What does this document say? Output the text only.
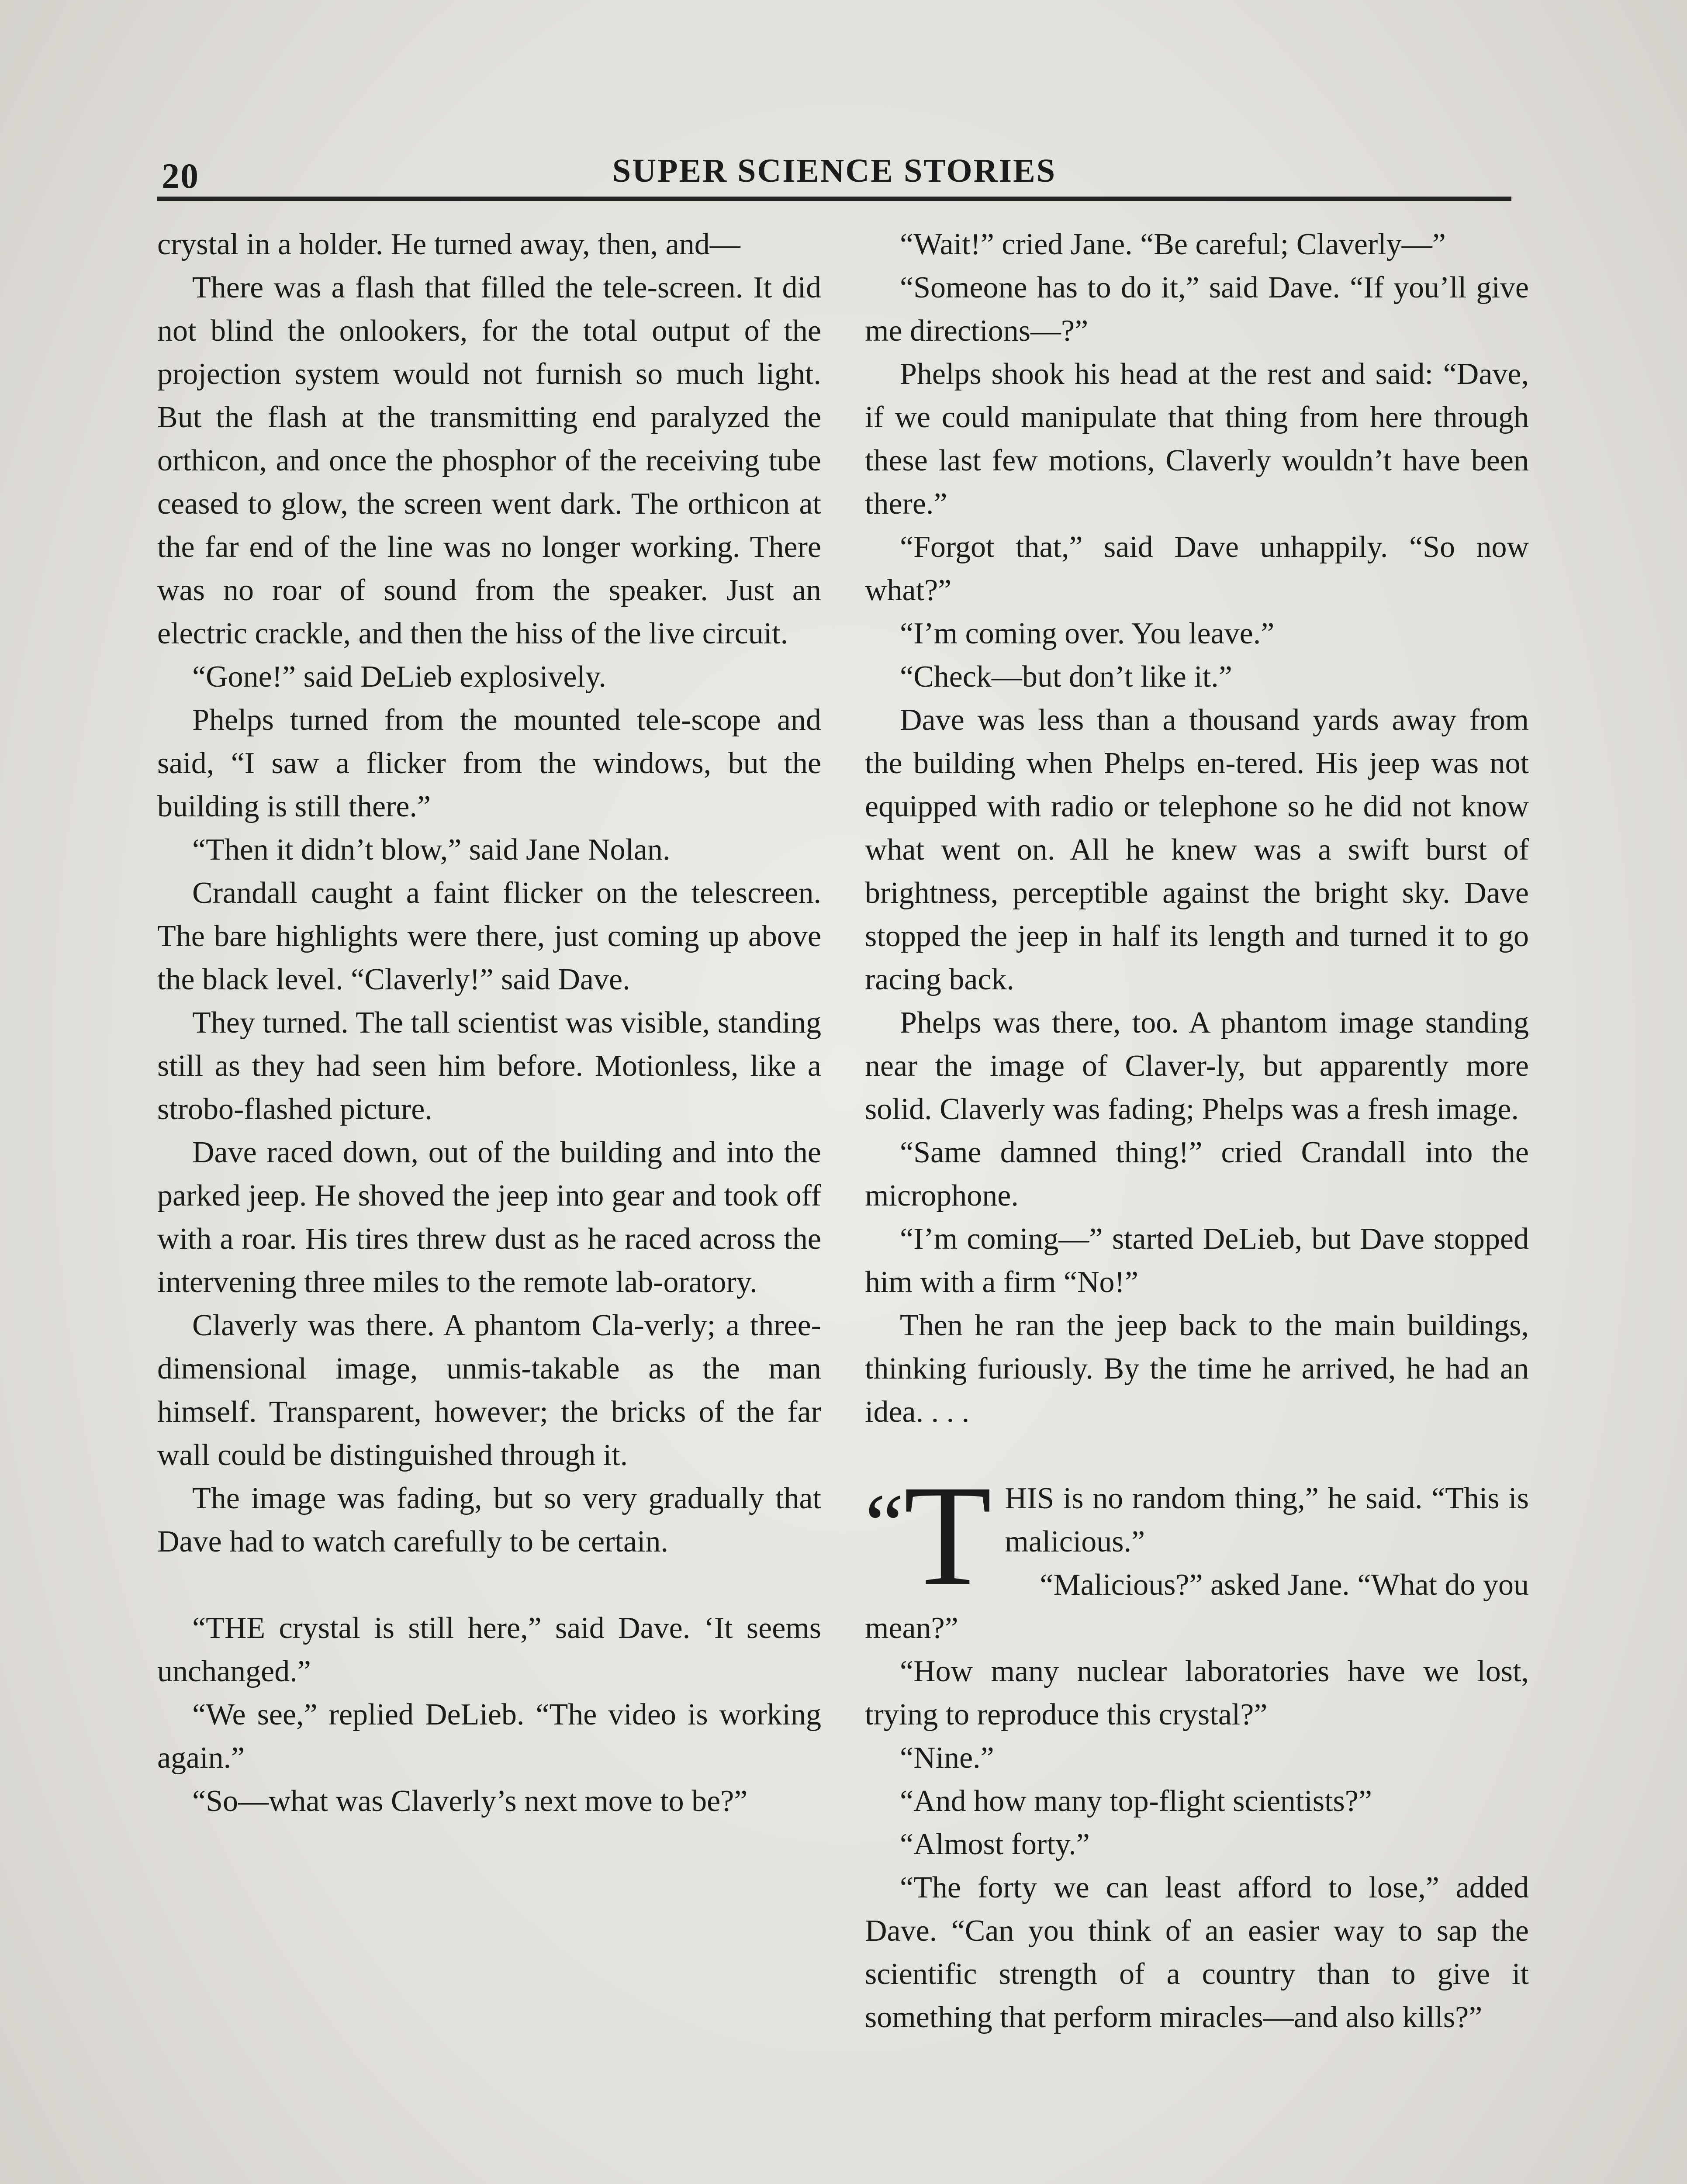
20	SUPER SCIENCE STORIES

crystal in a holder. He turned away, then, and—

There was a flash that filled the tele-screen. It did not blind the onlookers, for the total output of the projection system would not furnish so much light. But the flash at the transmitting end paralyzed the orthicon, and once the phosphor of the receiving tube ceased to glow, the screen went dark. The orthicon at the far end of the line was no longer working. There was no roar of sound from the speaker. Just an electric crackle, and then the hiss of the live circuit.

“Gone!” said DeLieb explosively.

Phelps turned from the mounted tele-scope and said, “I saw a flicker from the windows, but the building is still there.”

“Then it didn’t blow,” said Jane Nolan.

Crandall caught a faint flicker on the telescreen. The bare highlights were there, just coming up above the black level. “Claverly!” said Dave.

They turned. The tall scientist was visible, standing still as they had seen him before. Motionless, like a strobo-flashed picture.

Dave raced down, out of the building and into the parked jeep. He shoved the jeep into gear and took off with a roar. His tires threw dust as he raced across the intervening three miles to the remote lab-oratory.

Claverly was there. A phantom Cla-verly; a three-dimensional image, unmis-takable as the man himself. Transparent, however; the bricks of the far wall could be distinguished through it.

The image was fading, but so very gradually that Dave had to watch carefully to be certain.

“THE crystal is still here,” said Dave. ‘It seems unchanged.”

“We see,” replied DeLieb. “The video is working again.”

“So—what was Claverly’s next move to be?”

“Wait!” cried Jane. “Be careful; Claverly—”

“Someone has to do it,” said Dave. “If you’ll give me directions—?”

Phelps shook his head at the rest and said: “Dave, if we could manipulate that thing from here through these last few motions, Claverly wouldn’t have been there.”

“Forgot that,” said Dave unhappily. “So now what?”

“I’m coming over. You leave.”

“Check—but don’t like it.”

Dave was less than a thousand yards away from the building when Phelps en-tered. His jeep was not equipped with radio or telephone so he did not know what went on. All he knew was a swift burst of brightness, perceptible against the bright sky. Dave stopped the jeep in half its length and turned it to go racing back.

Phelps was there, too. A phantom image standing near the image of Claver-ly, but apparently more solid. Claverly was fading; Phelps was a fresh image.

“Same damned thing!” cried Crandall into the microphone.

“I’m coming—” started DeLieb, but Dave stopped him with a firm “No!”

Then he ran the jeep back to the main buildings, thinking furiously. By the time he arrived, he had an idea. . . .

“T HIS is no random thing,” he said. “This is malicious.”

“Malicious?” asked Jane. “What do you mean?”

“How many nuclear laboratories have we lost, trying to reproduce this crystal?”

“Nine.”

“And how many top-flight scientists?”

“Almost forty.”

“The forty we can least afford to lose,” added Dave. “Can you think of an easier way to sap the scientific strength of a country than to give it something that perform miracles—and also kills?”
